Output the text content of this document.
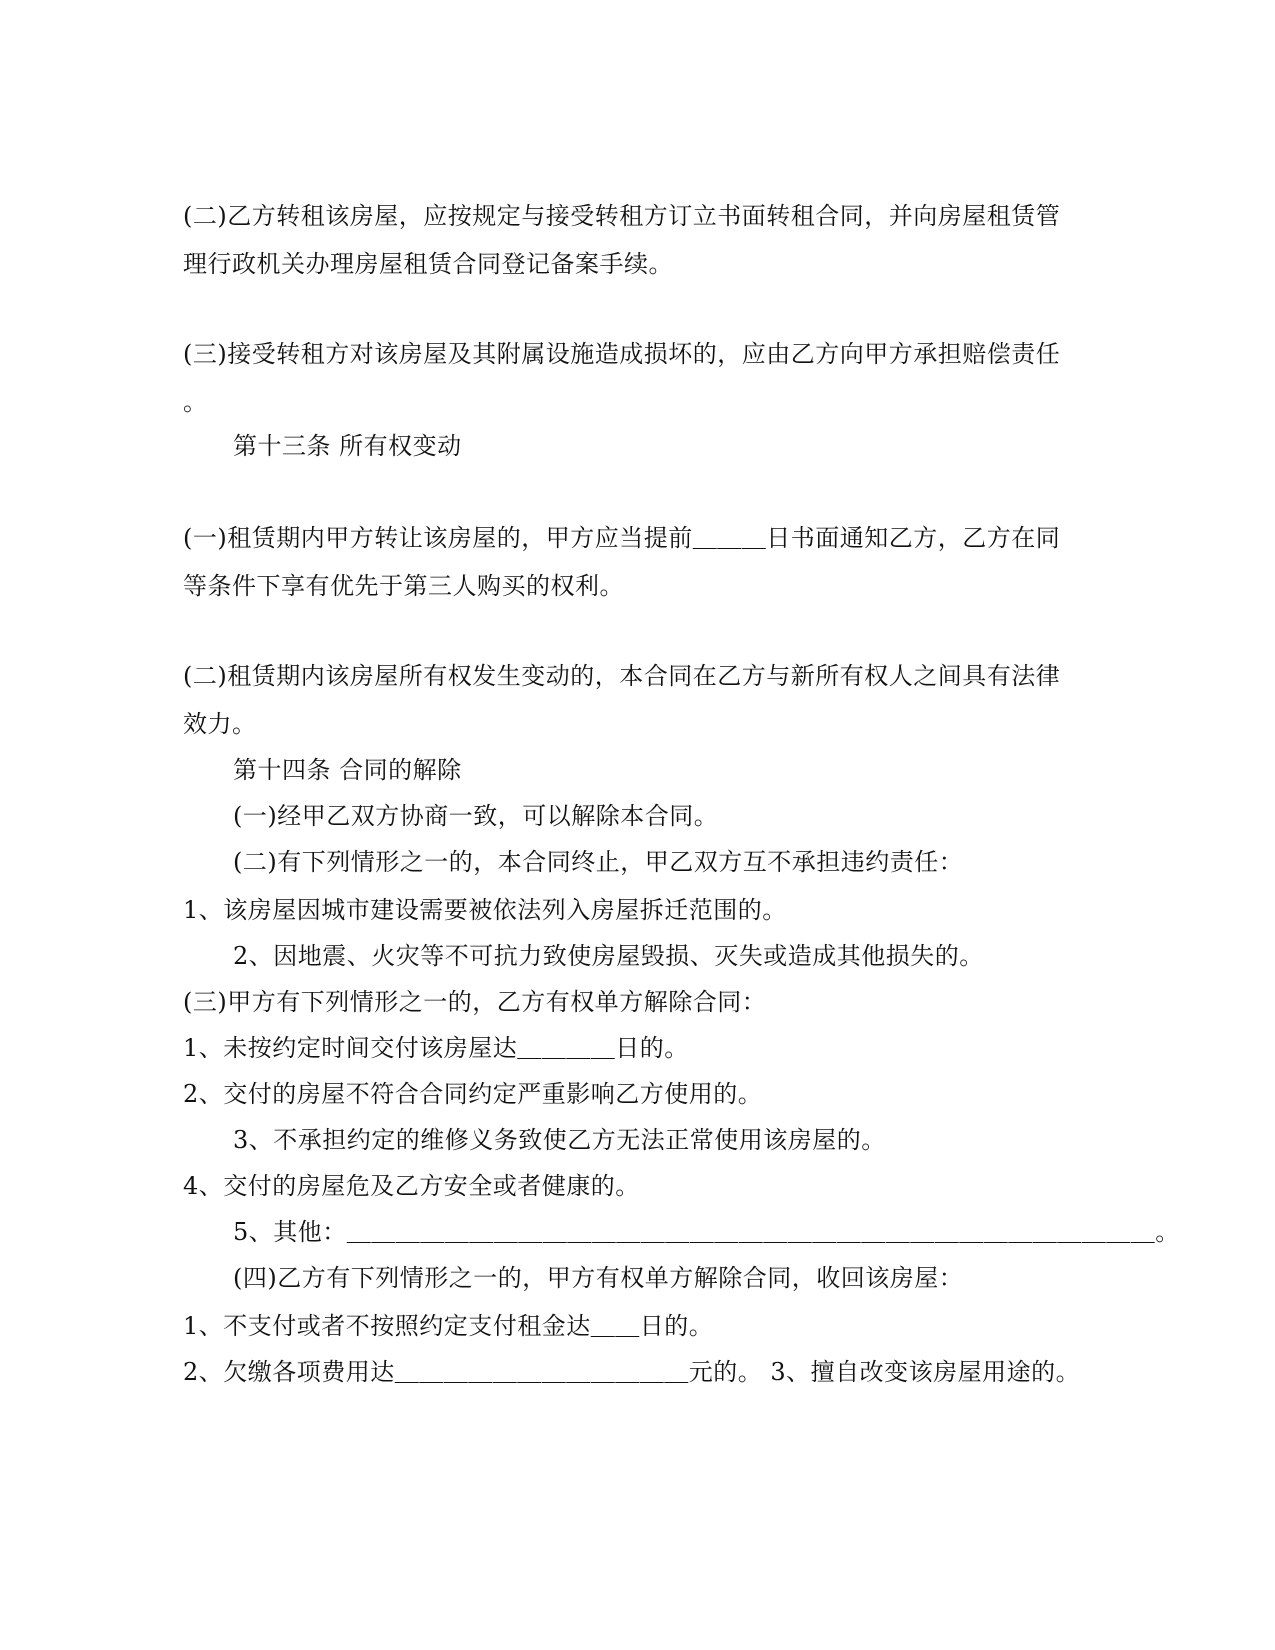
(二)乙方转租该房屋，应按规定与接受转租方订立书面转租合同，并向房屋租赁管
理行政机关办理房屋租赁合同登记备案手续。
(三)接受转租方对该房屋及其附属设施造成损坏的，应由乙方向甲方承担赔偿责任
。
第十三条 所有权变动
(一)租赁期内甲方转让该房屋的，甲方应当提前＿＿＿日书面通知乙方，乙方在同
等条件下享有优先于第三人购买的权利。
(二)租赁期内该房屋所有权发生变动的，本合同在乙方与新所有权人之间具有法律
效力。
第十四条 合同的解除
(一)经甲乙双方协商一致，可以解除本合同。
(二)有下列情形之一的，本合同终止，甲乙双方互不承担违约责任：
1、该房屋因城市建设需要被依法列入房屋拆迁范围的。
2、因地震、火灾等不可抗力致使房屋毁损、灭失或造成其他损失的。
(三)甲方有下列情形之一的，乙方有权单方解除合同：
1、未按约定时间交付该房屋达＿＿＿＿日的。
2、交付的房屋不符合合同约定严重影响乙方使用的。
3、不承担约定的维修义务致使乙方无法正常使用该房屋的。
4、交付的房屋危及乙方安全或者健康的。
5、其他：＿＿＿＿＿＿＿＿＿＿＿＿＿＿＿＿＿＿＿＿＿＿＿＿＿＿＿＿＿＿＿＿＿。
(四)乙方有下列情形之一的，甲方有权单方解除合同，收回该房屋：
1、不支付或者不按照约定支付租金达＿＿日的。
2、欠缴各项费用达＿＿＿＿＿＿＿＿＿＿＿＿元的。 3、擅自改变该房屋用途的。
